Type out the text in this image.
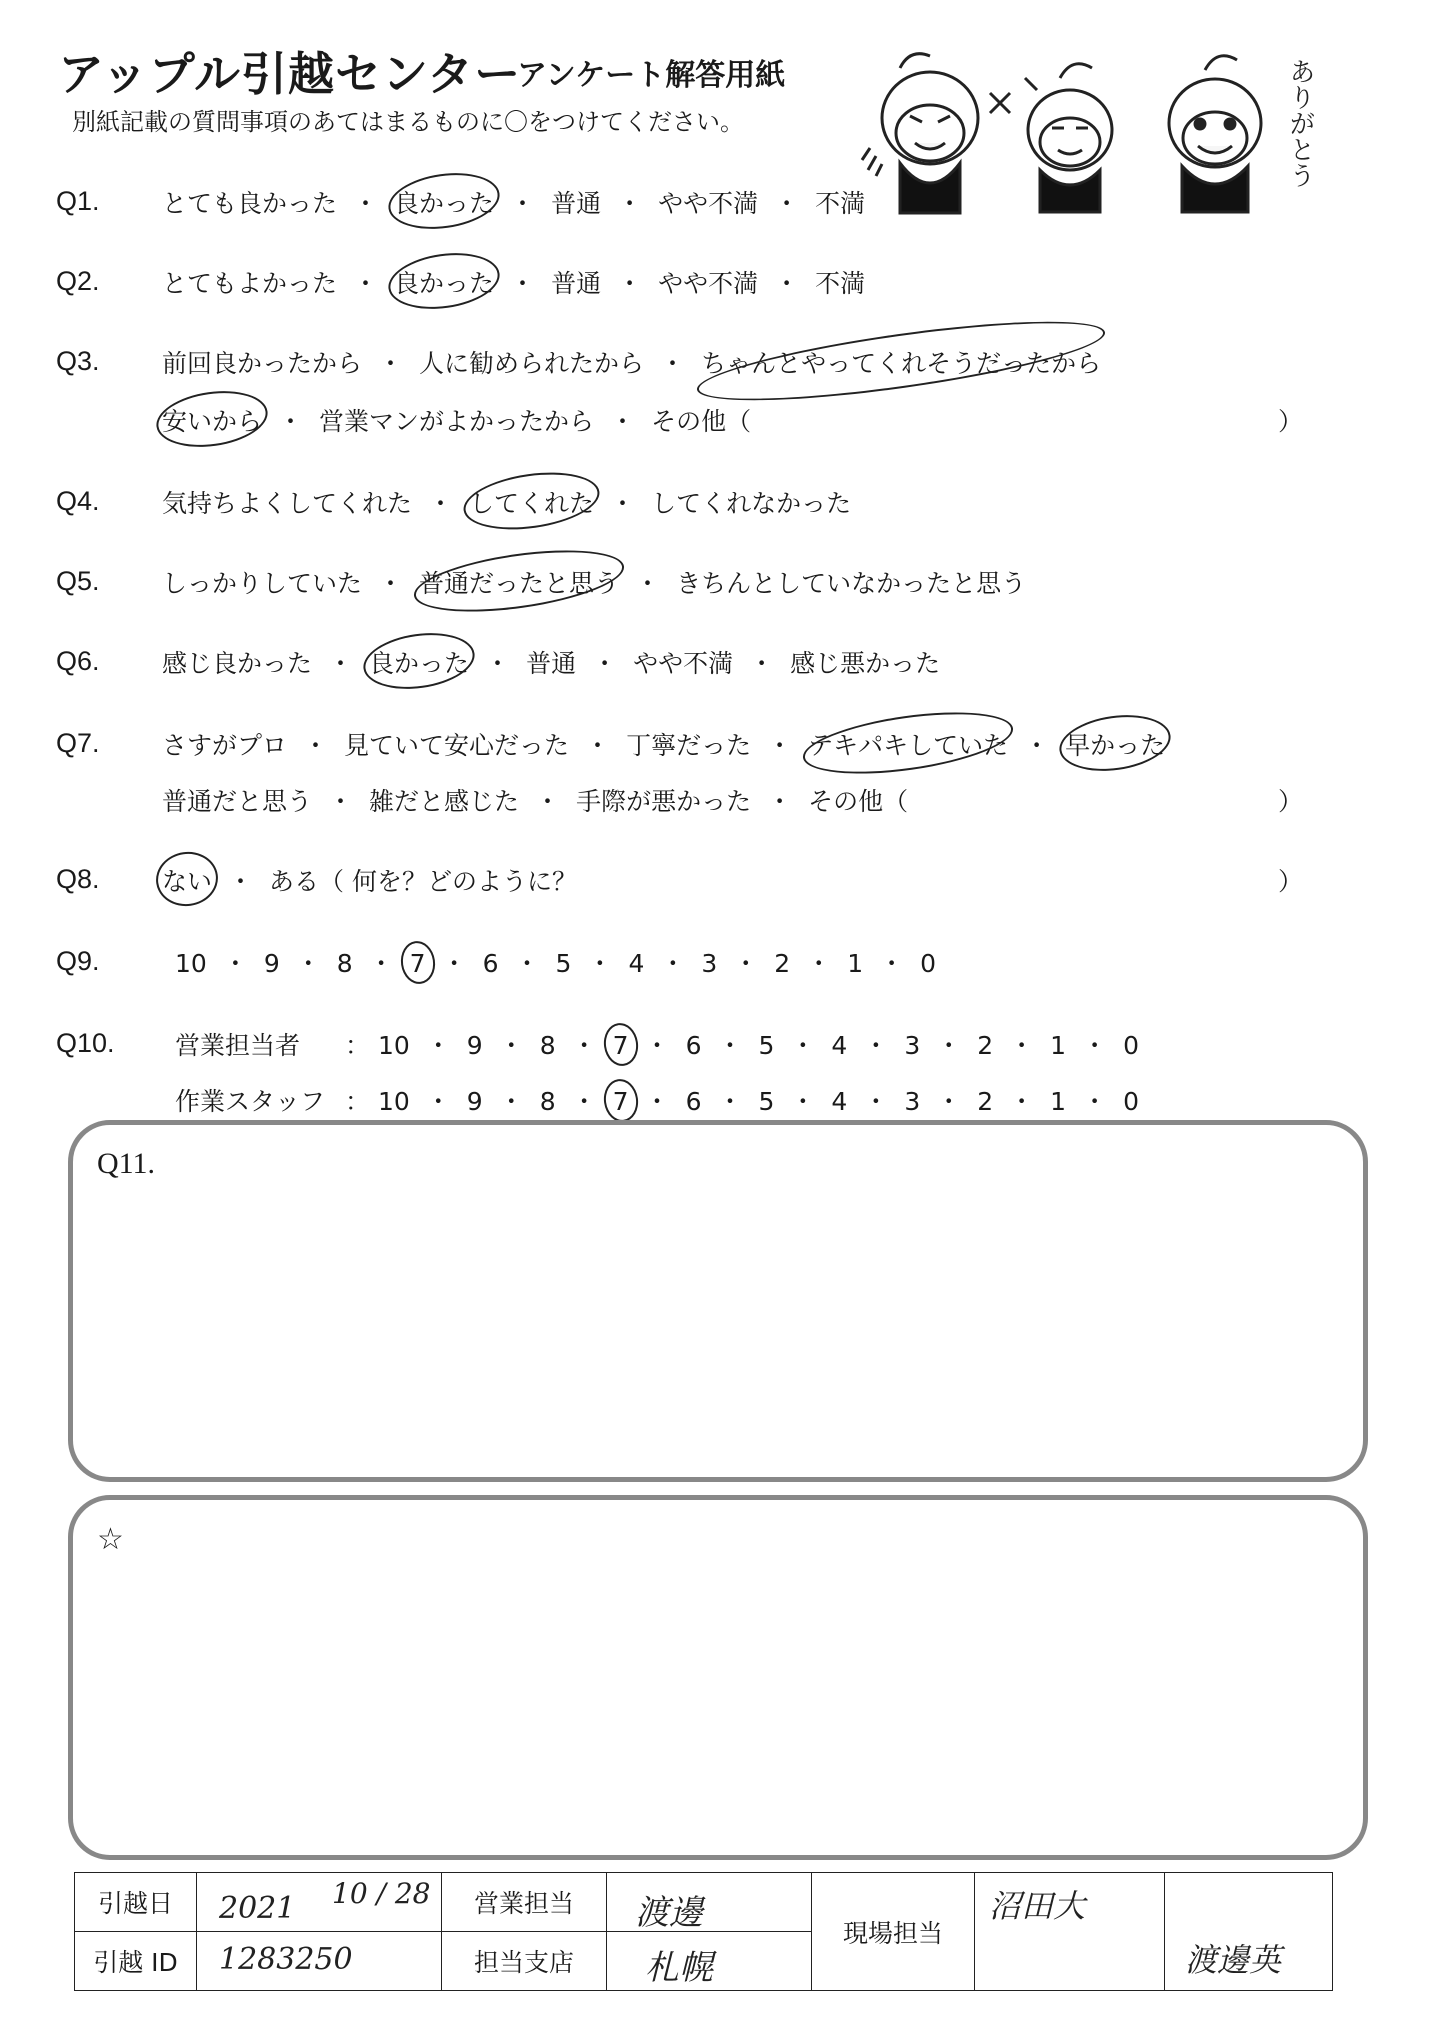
アップル引越センター
アンケート解答用紙
別紙記載の質問事項のあてはまるものに〇をつけてください。	ありがとう
Q1. とても良かった ・ 良かった ・ 普通 ・ やや不満 ・ 不満
Q2. とてもよかった ・ 良かった ・ 普通 ・ やや不満 ・ 不満
Q3. 前回良かったから ・ 人に勧められたから ・ ちゃんとやってくれそうだったから
安いから ・ 営業マンがよかったから ・ その他（	）
Q4. 気持ちよくしてくれた ・ してくれた ・ してくれなかった
Q5. しっかりしていた ・ 普通だったと思う ・ きちんとしていなかったと思う
Q6. 感じ良かった ・ 良かった ・ 普通 ・ やや不満 ・ 感じ悪かった
Q7. さすがプロ ・ 見ていて安心だった ・ 丁寧だった ・ テキパキしていた ・ 早かった
普通だと思う ・ 雑だと感じた ・ 手際が悪かった ・ その他（	）
Q8. ない ・ ある（ 何を？どのように？	）
Q9.	10 ・ 9 ・ 8 ・ 7 ・ 6 ・ 5 ・ 4 ・ 3 ・ 2 ・ 1 ・ 0
Q10. 営業担当者 ： 10 ・ 9 ・ 8 ・ 7 ・ 6 ・ 5 ・ 4 ・ 3 ・ 2 ・ 1 ・ 0
作業スタッフ ： 10 ・ 9 ・ 8 ・ 7 ・ 6 ・ 5 ・ 4 ・ 3 ・ 2 ・ 1 ・ 0
Q11.
☆
引越日	2021 10 / 28	営業担当	渡邊	現場担当	沼田大	渡邊英

引越 ID	1283250	担当支店	札幌			
